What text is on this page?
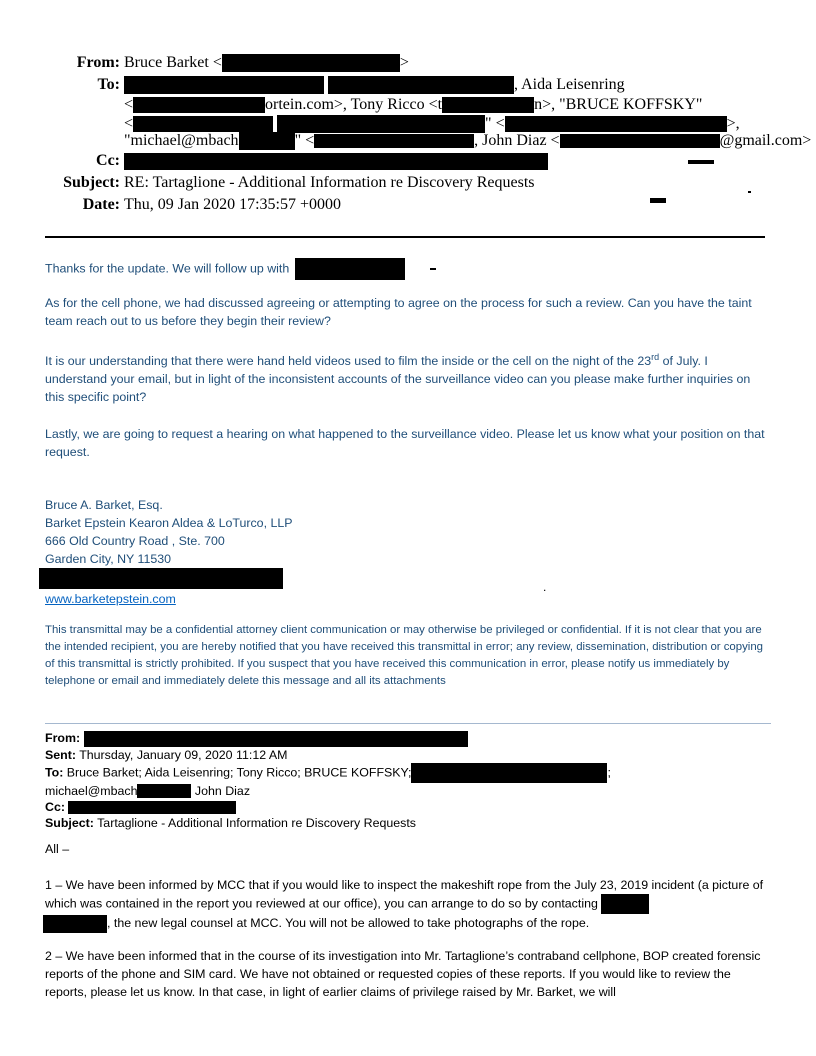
From: Bruce Barket <	>
To:	, Aida Leisenring
<	ortein.com>, Tony Ricco <t	n>, "BRUCE KOFFSKY"
<	" <	>,
"michael@mbach	" <	, John Diaz <	@gmail.com>
Cc:
Subject: RE: Tartaglione - Additional Information re Discovery Requests
Date: Thu, 09 Jan 2020 17:35:57 +0000
Thanks for the update. We will follow up with
As for the cell phone, we had discussed agreeing or attempting to agree on the process for such a review. Can you have the taint team reach out to us before they begin their review?
It is our understanding that there were hand held videos used to film the inside or the cell on the night of the 23rd of July. I understand your email, but in light of the inconsistent accounts of the surveillance video can you please make further inquiries on this specific point?
Lastly, we are going to request a hearing on what happened to the surveillance video. Please let us know what your position on that request.
Bruce A. Barket, Esq.
Barket Epstein Kearon Aldea & LoTurco, LLP
666 Old Country Road , Ste. 700
Garden City, NY 11530
www.barketepstein.com
.
This transmittal may be a confidential attorney client communication or may otherwise be privileged or confidential. If it is not clear that you are the intended recipient, you are hereby notified that you have received this transmittal in error; any review, dissemination, distribution or copying of this transmittal is strictly prohibited. If you suspect that you have received this communication in error, please notify us immediately by telephone or email and immediately delete this message and all its attachments
From:
Sent: Thursday, January 09, 2020 11:12 AM
To: Bruce Barket; Aida Leisenring; Tony Ricco; BRUCE KOFFSKY;	;
michael@mbach	John Diaz
Cc:
Subject: Tartaglione - Additional Information re Discovery Requests
All –
1 – We have been informed by MCC that if you would like to inspect the makeshift rope from the July 23, 2019 incident (a picture of which was contained in the report you reviewed at our office), you can arrange to do so by contacting
, the new legal counsel at MCC. You will not be allowed to take photographs of the rope.
2 – We have been informed that in the course of its investigation into Mr. Tartaglione’s contraband cellphone, BOP created forensic reports of the phone and SIM card. We have not obtained or requested copies of these reports. If you would like to review the reports, please let us know. In that case, in light of earlier claims of privilege raised by Mr. Barket, we will
